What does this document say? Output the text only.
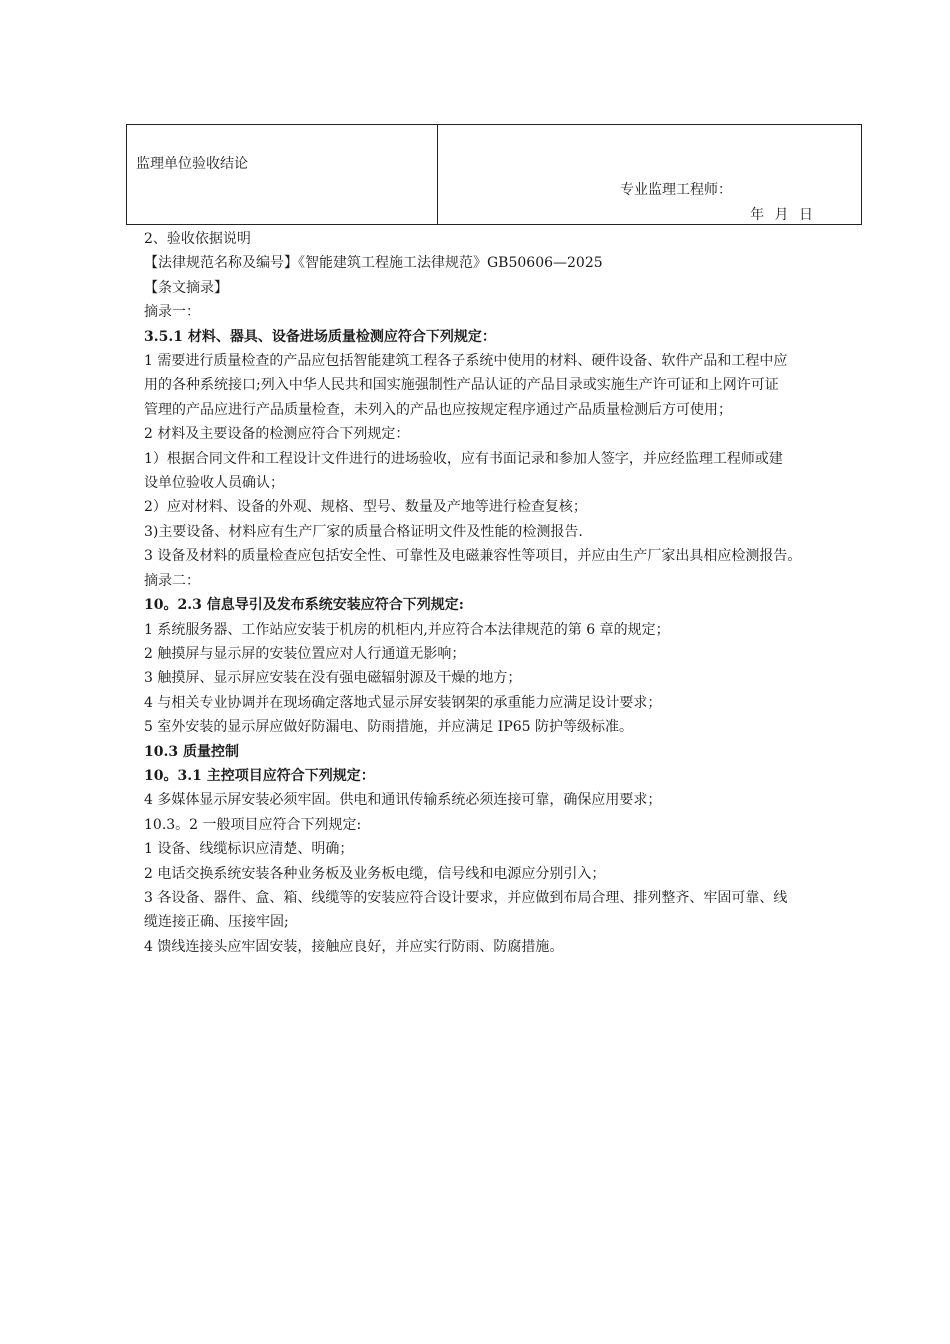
监理单位验收结论
专业监理工程师：
年 月 日

2、验收依据说明

【法律规范名称及编号】《智能建筑工程施工法律规范》GB50606—2025

【条文摘录】

摘录一：

3.5.1 材料、器具、设备进场质量检测应符合下列规定：

1 需要进行质量检查的产品应包括智能建筑工程各子系统中使用的材料、硬件设备、软件产品和工程中应

用的各种系统接口;列入中华人民共和国实施强制性产品认证的产品目录或实施生产许可证和上网许可证

管理的产品应进行产品质量检查，未列入的产品也应按规定程序通过产品质量检测后方可使用；

2 材料及主要设备的检测应符合下列规定：

1）根据合同文件和工程设计文件进行的进场验收，应有书面记录和参加人签字，并应经监理工程师或建

设单位验收人员确认；

2）应对材料、设备的外观、规格、型号、数量及产地等进行检查复核；

3)主要设备、材料应有生产厂家的质量合格证明文件及性能的检测报告.

3 设备及材料的质量检查应包括安全性、可靠性及电磁兼容性等项目，并应由生产厂家出具相应检测报告。

摘录二：

10。2.3 信息导引及发布系统安装应符合下列规定:

1 系统服务器、工作站应安装于机房的机柜内,并应符合本法律规范的第 6 章的规定；

2 触摸屏与显示屏的安装位置应对人行通道无影响；

3 触摸屏、显示屏应安装在没有强电磁辐射源及干燥的地方；

4 与相关专业协调并在现场确定落地式显示屏安装钢架的承重能力应满足设计要求；

5 室外安装的显示屏应做好防漏电、防雨措施，并应满足 IP65 防护等级标准。

10.3 质量控制

10。3.1 主控项目应符合下列规定：

4 多媒体显示屏安装必须牢固。供电和通讯传输系统必须连接可靠，确保应用要求；

10.3。2 一般项目应符合下列规定:

1 设备、线缆标识应清楚、明确；

2 电话交换系统安装各种业务板及业务板电缆，信号线和电源应分别引入；

3 各设备、器件、盒、箱、线缆等的安装应符合设计要求，并应做到布局合理、排列整齐、牢固可靠、线

缆连接正确、压接牢固;

4 馈线连接头应牢固安装，接触应良好，并应实行防雨、防腐措施。
